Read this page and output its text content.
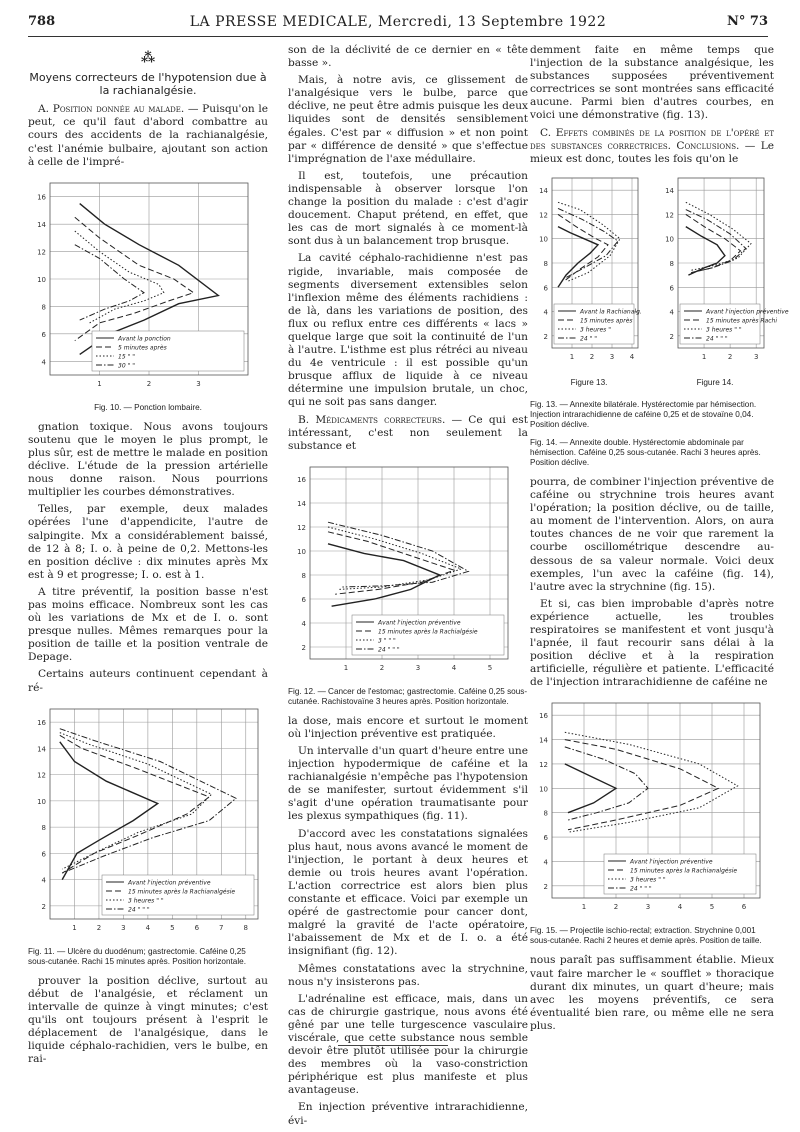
788	LA PRESSE MEDICALE, Mercredi, 13 Septembre 1922	N° 73
⁂
Moyens correcteurs de l'hypotension due à la rachianalgésie.

A. Position donnée au malade. — Puisqu'on le peut, ce qu'il faut d'abord combattre au cours des accidents de la rachianalgésie, c'est l'anémie bulbaire, ajoutant son action à celle de l'impré-

4
6
8
10
12
14
16
1	2	3
Avant la ponction
5 minutes après
15 " "
30 " "
Fig. 10. — Ponction lombaire.

gnation toxique. Nous avons toujours soutenu que le moyen le plus prompt, le plus sûr, est de mettre le malade en position déclive. L'étude de la pression artérielle nous donne raison. Nous pourrions multiplier les courbes démonstratives.

Telles, par exemple, deux malades opérées l'une d'appendicite, l'autre de salpingite. Mx a considérablement baissé, de 12 à 8; I. o. à peine de 0,2. Mettons-les en position déclive : dix minutes après Mx est à 9 et progresse; I. o. est à 1.

A titre préventif, la position basse n'est pas moins efficace. Nombreux sont les cas où les variations de Mx et de I. o. sont presque nulles. Mêmes remarques pour la position de taille et la position ventrale de Depage.

Certains auteurs continuent cependant à ré-

2
4
6
8
10
12
14
16
1	2	3	4	5	6	7	8
Avant l'injection préventive
15 minutes après la Rachianalgésie
3 heures " "
24 " " "
Fig. 11. — Ulcère du duodénum; gastrectomie. Caféine 0,25 sous-cutanée. Rachi 15 minutes après. Position horizontale.

prouver la position déclive, surtout au début de l'analgésie, et réclament un intervalle de quinze à vingt minutes; c'est qu'ils ont toujours présent à l'esprit le déplacement de l'analgésique, dans le liquide céphalo-rachidien, vers le bulbe, en rai-

son de la déclivité de ce dernier en « tête basse ».

Mais, à notre avis, ce glissement de l'analgésique vers le bulbe, parce que déclive, ne peut être admis puisque les deux liquides sont de densités sensiblement égales. C'est par « diffusion » et non point par « différence de densité » que s'effectue l'imprégnation de l'axe médullaire.

Il est, toutefois, une précaution indispensable à observer lorsque l'on change la position du malade : c'est d'agir doucement. Chaput prétend, en effet, que les cas de mort signalés à ce moment-là sont dus à un balancement trop brusque.

La cavité céphalo-rachidienne n'est pas rigide, invariable, mais composée de segments diversement extensibles selon l'inflexion même des éléments rachidiens : de là, dans les variations de position, des flux ou reflux entre ces différents « lacs » quelque large que soit la continuité de l'un à l'autre. L'isthme est plus rétréci au niveau du 4e ventricule : il est possible qu'un brusque afflux de liquide à ce niveau détermine une impulsion brutale, un choc, qui ne soit pas sans danger.

B. Médicaments correcteurs. — Ce qui est intéressant, c'est non seulement la substance et

2
4
6
8
10
12
14
16
1	2	3	4	5
Avant l'injection préventive
15 minutes après la Rachialgésie
3 " " "
24 " " "
Fig. 12. — Cancer de l'estomac; gastrectomie. Caféine 0,25 sous-cutanée. Rachistovaïne 3 heures après. Position horizontale.

la dose, mais encore et surtout le moment où l'injection préventive est pratiquée.

Un intervalle d'un quart d'heure entre une injection hypodermique de caféine et la rachianalgésie n'empêche pas l'hypotension de se manifester, surtout évidemment s'il s'agit d'une opération traumatisante pour les plexus sympathiques (fig. 11).

D'accord avec les constatations signalées plus haut, nous avons avancé le moment de l'injection, le portant à deux heures et demie ou trois heures avant l'opération. L'action correctrice est alors bien plus constante et efficace. Voici par exemple un opéré de gastrectomie pour cancer dont, malgré la gravité de l'acte opératoire, l'abaissement de Mx et de I. o. a été insignifiant (fig. 12).

Mêmes constatations avec la strychnine, nous n'y insisterons pas.

L'adrénaline est efficace, mais, dans un cas de chirurgie gastrique, nous avons été gêné par une telle turgescence vasculaire viscérale, que cette substance nous semble devoir être plutôt utilisée pour la chirurgie des membres où la vaso-constriction périphérique est plus manifeste et plus avantageuse.

En injection préventive intrarachidienne, évi-

demment faite en même temps que l'injection de la substance analgésique, les substances supposées préventivement correctrices se sont montrées sans efficacité aucune. Parmi bien d'autres courbes, en voici une démonstrative (fig. 13).

C. Effets combinés de la position de l'opéré et des substances correctrices. Conclusions. — Le mieux est donc, toutes les fois qu'on le

2
4
6
8
10
12
14
1 2 3 4
Avant la Rachianalg.
15 minutes après
3 heures "
24 " "
Figure 13.
2
4
6
8
10
12
14
1	2	3
Avant l'injection préventive
15 minutes après Rachi
3 heures " "
24 " " "
Figure 14.
Fig. 13. — Annexite bilatérale. Hystérectomie par hémisection. Injection intrarachidienne de caféine 0,25 et de stovaïne 0,04. Position déclive.
Fig. 14. — Annexite double. Hystérectomie abdominale par hémisection. Caféine 0,25 sous-cutanée. Rachi 3 heures après. Position déclive.

pourra, de combiner l'injection préventive de caféine ou strychnine trois heures avant l'opération; la position déclive, ou de taille, au moment de l'intervention. Alors, on aura toutes chances de ne voir que rarement la courbe oscillométrique descendre au-dessous de sa valeur normale. Voici deux exemples, l'un avec la caféine (fig. 14), l'autre avec la strychnine (fig. 15).

Et si, cas bien improbable d'après notre expérience actuelle, les troubles respiratoires se manifestent et vont jusqu'à l'apnée, il faut recourir sans délai à la position déclive et à la respiration artificielle, régulière et patiente. L'efficacité de l'injection intrarachidienne de caféine ne

2
4
6
8
10
12
14
16
1	2	3	4	5	6
Avant l'injection préventive
15 minutes après la Rachianalgésie
3 heures " "
24 " " "
Fig. 15. — Projectile ischio-rectal; extraction. Strychnine 0,001 sous-cutanée. Rachi 2 heures et demie après. Position de taille.

nous paraît pas suffisamment établie. Mieux vaut faire marcher le « soufflet » thoracique durant dix minutes, un quart d'heure; mais avec les moyens préventifs, ce sera éventualité bien rare, ou même elle ne sera plus.
